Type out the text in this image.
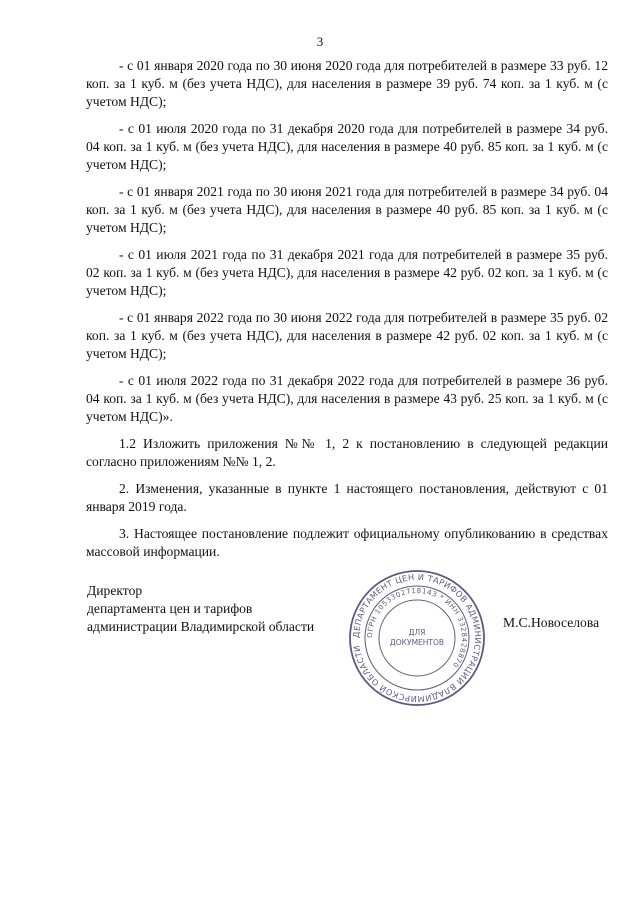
3

- с 01 января 2020 года по 30 июня 2020 года для потребителей в размере 33 руб. 12 коп. за 1 куб. м (без учета НДС), для населения в размере 39 руб. 74 коп. за 1 куб. м (с учетом НДС);

- с 01 июля 2020 года по 31 декабря 2020 года для потребителей в размере 34 руб. 04 коп. за 1 куб. м (без учета НДС), для населения в размере 40 руб. 85 коп. за 1 куб. м (с учетом НДС);

- с 01 января 2021 года по 30 июня 2021 года для потребителей в размере 34 руб. 04 коп. за 1 куб. м (без учета НДС), для населения в размере 40 руб. 85 коп. за 1 куб. м (с учетом НДС);

- с 01 июля 2021 года по 31 декабря 2021 года для потребителей в размере 35 руб. 02 коп. за 1 куб. м (без учета НДС), для населения в размере 42 руб. 02 коп. за 1 куб. м (с учетом НДС);

- с 01 января 2022 года по 30 июня 2022 года для потребителей в размере 35 руб. 02 коп. за 1 куб. м (без учета НДС), для населения в размере 42 руб. 02 коп. за 1 куб. м (с учетом НДС);

- с 01 июля 2022 года по 31 декабря 2022 года для потребителей в размере 36 руб. 04 коп. за 1 куб. м (без учета НДС), для населения в размере 43 руб. 25 коп. за 1 куб. м (с учетом НДС)».

1.2 Изложить приложения №№ 1, 2 к постановлению в следующей редакции согласно приложениям №№ 1, 2.

2. Изменения, указанные в пункте 1 настоящего постановления, действуют с 01 января 2019 года.

3. Настоящее постановление подлежит официальному опубликованию в средствах массовой информации.

Директор
департамента цен и тарифов
администрации Владимирской области
ДЕПАРТАМЕНТ ЦЕН И ТАРИФОВ АДМИНИСТРАЦИИ ВЛАДИМИРСКОЙ ОБЛАСТИ
ОГРН 1053302718143 * ИНН 3328428870
ДЛЯ
ДОКУМЕНТОВ
М.С.Новоселова
